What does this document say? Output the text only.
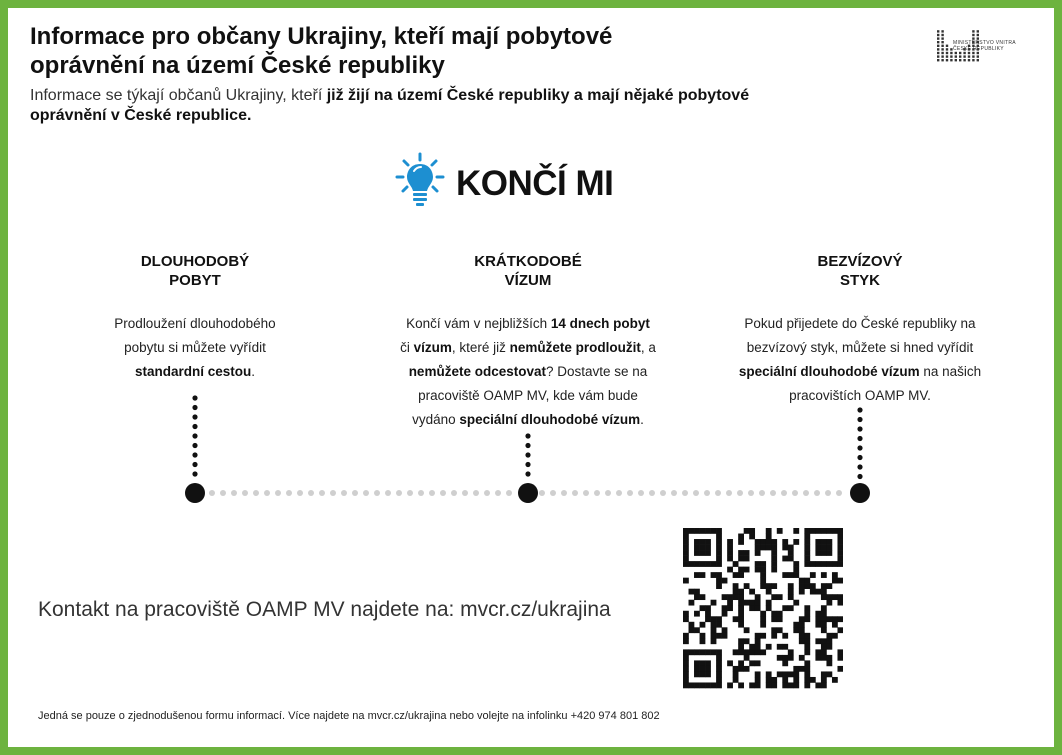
Informace pro občany Ukrajiny, kteří mají pobytové
oprávnění na území České republiky
Informace se týkají občanů Ukrajiny, kteří již žijí na území České republiky a mají nějaké pobytové oprávnění v České republice.
MINISTERSTVO VNITRA
ČESKÉ REPUBLIKY
KONČÍ MI
DLOUHODOBÝ
POBYT
Prodloužení dlouhodobého
pobytu si můžete vyřídit
standardní cestou.
KRÁTKODOBÉ
VÍZUM
Končí vám v nejbližších 14 dnech pobyt
či vízum, které již nemůžete prodloužit, a
nemůžete odcestovat? Dostavte se na
pracoviště OAMP MV, kde vám bude
vydáno speciální dlouhodobé vízum.
BEZVÍZOVÝ
STYK
Pokud přijedete do České republiky na
bezvízový styk, můžete si hned vyřídit
speciální dlouhodobé vízum na našich
pracovištích OAMP MV.
Kontakt na pracoviště OAMP MV najdete na: mvcr.cz/ukrajina
Jedná se pouze o zjednodušenou formu informací. Více najdete na mvcr.cz/ukrajina nebo volejte na infolinku +420 974 801 802
